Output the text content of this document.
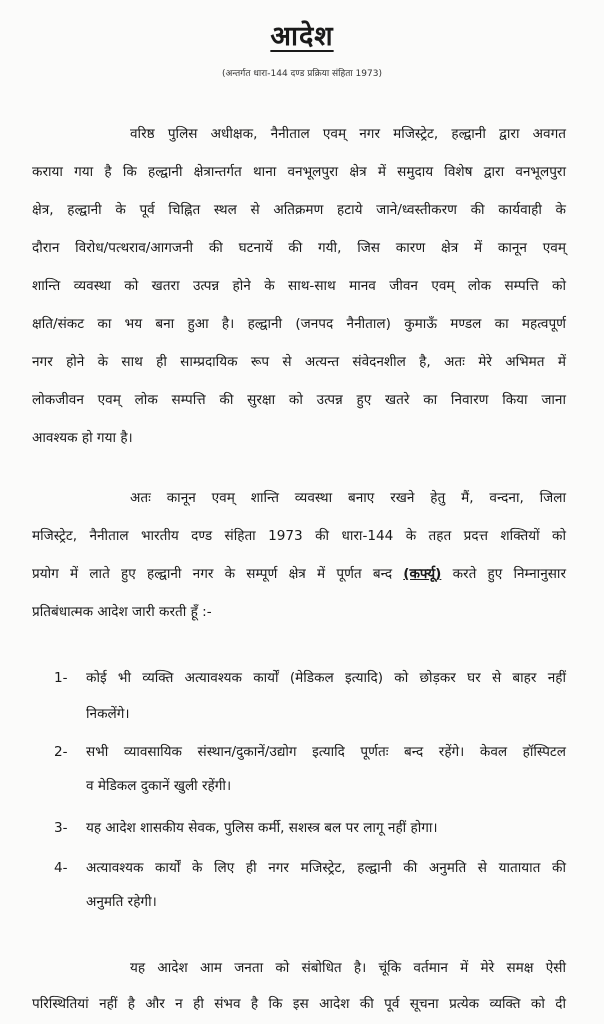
आदेश
(अन्तर्गत धारा-144 दण्ड प्रक्रिया संहिता 1973)
वरिष्ठ पुलिस अधीक्षक, नैनीताल एवम् नगर मजिस्ट्रेट, हल्द्वानी द्वारा अवगत
कराया गया है कि हल्द्वानी क्षेत्रान्तर्गत थाना वनभूलपुरा क्षेत्र में समुदाय विशेष द्वारा वनभूलपुरा
क्षेत्र, हल्द्वानी के पूर्व चिह्नित स्थल से अतिक्रमण हटाये जाने/ध्वस्तीकरण की कार्यवाही के
दौरान विरोध/पत्थराव/आगजनी की घटनायें की गयी, जिस कारण क्षेत्र में कानून एवम्
शान्ति व्यवस्था को खतरा उत्पन्न होने के साथ-साथ मानव जीवन एवम् लोक सम्पत्ति को
क्षति/संकट का भय बना हुआ है। हल्द्वानी (जनपद नैनीताल) कुमाऊँ मण्डल का महत्वपूर्ण
नगर होने के साथ ही साम्प्रदायिक रूप से अत्यन्त संवेदनशील है, अतः मेरे अभिमत में
लोकजीवन एवम् लोक सम्पत्ति की सुरक्षा को उत्पन्न हुए खतरे का निवारण किया जाना
आवश्यक हो गया है।
अतः कानून एवम् शान्ति व्यवस्था बनाए रखने हेतु मैं, वन्दना, जिला
मजिस्ट्रेट, नैनीताल भारतीय दण्ड संहिता 1973 की धारा-144 के तहत प्रदत्त शक्तियों को
प्रयोग में लाते हुए हल्द्वानी नगर के सम्पूर्ण क्षेत्र में पूर्णत बन्द (कर्फ्यू) करते हुए निम्नानुसार
प्रतिबंधात्मक आदेश जारी करती हूँ :-
1- कोई भी व्यक्ति अत्यावश्यक कार्यों (मेडिकल इत्यादि) को छोड़कर घर से बाहर नहीं
निकलेंगे।
2- सभी व्यावसायिक संस्थान/दुकानें/उद्योग इत्यादि पूर्णतः बन्द रहेंगे। केवल हॉस्पिटल
व मेडिकल दुकानें खुली रहेंगी।
3- यह आदेश शासकीय सेवक, पुलिस कर्मी, सशस्त्र बल पर लागू नहीं होगा।
4- अत्यावश्यक कार्यों के लिए ही नगर मजिस्ट्रेट, हल्द्वानी की अनुमति से यातायात की
अनुमति रहेगी।
यह आदेश आम जनता को संबोधित है। चूंकि वर्तमान में मेरे समक्ष ऐसी
परिस्थितियां नहीं है और न ही संभव है कि इस आदेश की पूर्व सूचना प्रत्येक व्यक्ति को दी
